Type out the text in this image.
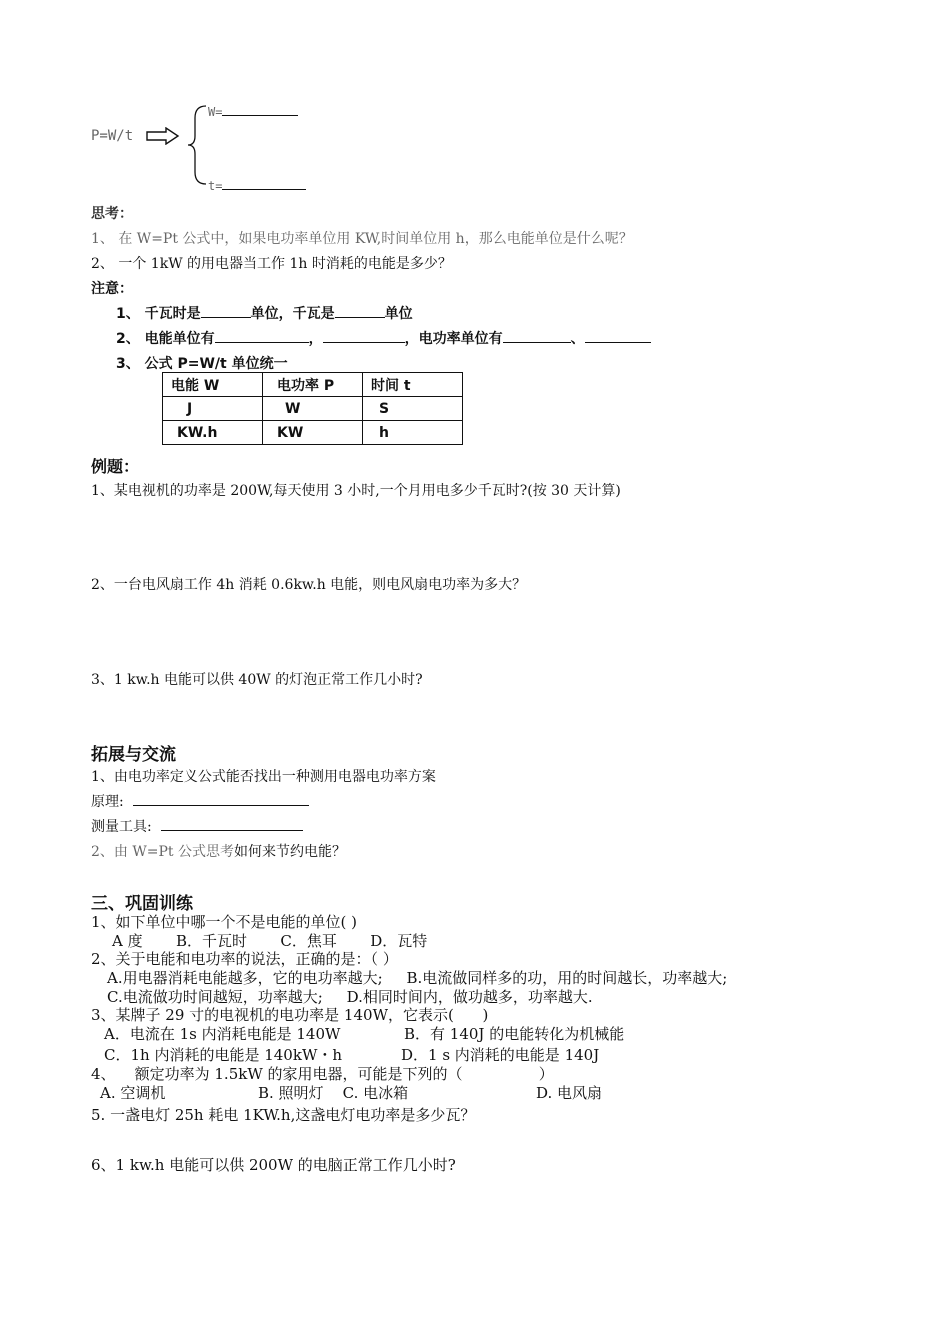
P=W/t
W=
t=
思考：
1、 在 W=Pt 公式中，如果电功率单位用 KW,时间单位用 h，那么电能单位是什么呢？
2、 一个 1kW 的用电器当工作 1h 时消耗的电能是多少？
注意：
1、 千瓦时是	单位，千瓦是	单位
2、 电能单位有	，	，电功率单位有	、
3、 公式 P=W/t 单位统一
电能 W	电功率 P	时间 t
J	W	S
KW.h	KW	h
例题：
1、某电视机的功率是 200W,每天使用 3 小时,一个月用电多少千瓦时?(按 30 天计算)
2、一台电风扇工作 4h 消耗 0.6kw.h 电能，则电风扇电功率为多大？
3、1 kw.h 电能可以供 40W 的灯泡正常工作几小时?
拓展与交流
1、由电功率定义公式能否找出一种测用电器电功率方案
原理:
测量工具:
2、由 W=Pt 公式思考如何来节约电能？
三、巩固训练
1、如下单位中哪一个不是电能的单位( )
A 度       B．千瓦时       C．焦耳       D．瓦特
2、关于电能和电功率的说法，正确的是：（ ）
A.用电器消耗电能越多，它的电功率越大;     B.电流做同样多的功，用的时间越长，功率越大;
C.电流做功时间越短，功率越大;     D.相同时间内，做功越多，功率越大.
3、某牌子 29 寸的电视机的电功率是 140W，它表示(      )
A．电流在 1s 内消耗电能是 140W	B．有 140J 的电能转化为机械能
C．1h 内消耗的电能是 140kW・h	D．1 s 内消耗的电能是 140J
4、    额定功率为 1.5kW 的家用电器，可能是下列的（                ）
A. 空调机	B. 照明灯    C. 电冰箱	D. 电风扇
5. 一盏电灯 25h 耗电 1KW.h,这盏电灯电功率是多少瓦？
6、1 kw.h 电能可以供 200W 的电脑正常工作几小时?
